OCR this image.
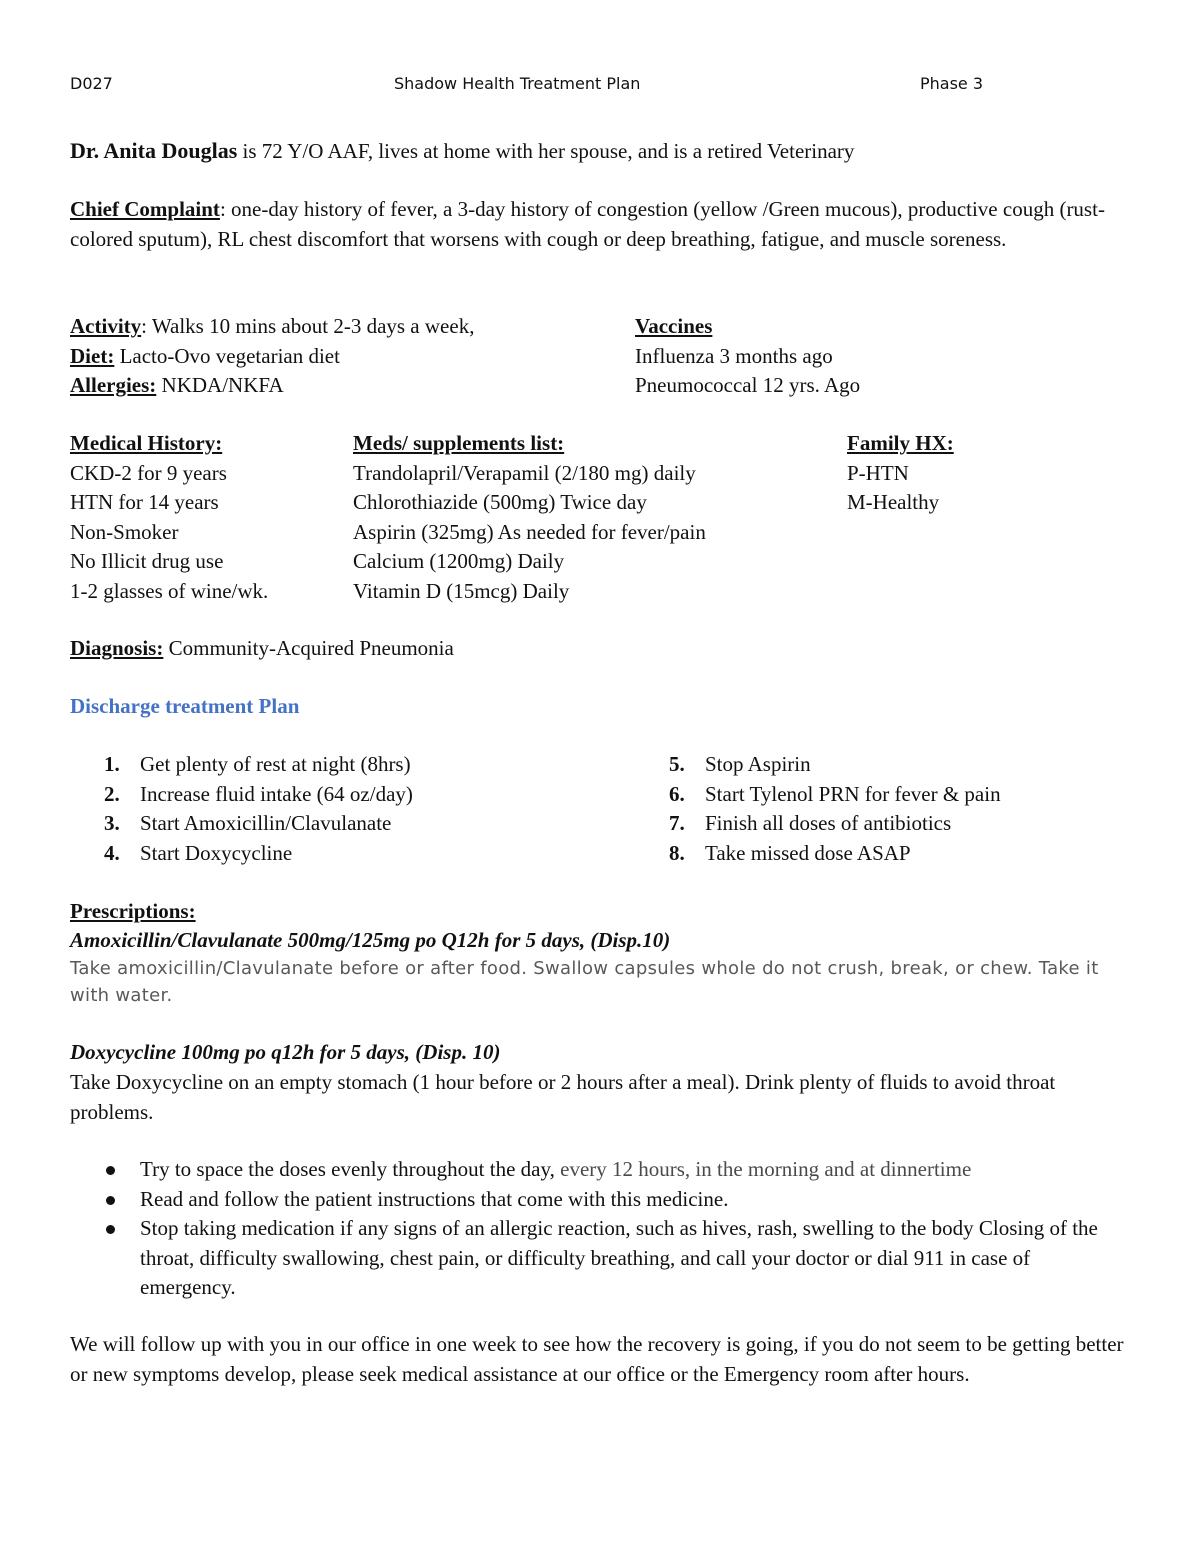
D027	Shadow Health Treatment Plan	Phase 3
Dr. Anita Douglas is 72 Y/O AAF, lives at home with her spouse, and is a retired Veterinary
Chief Complaint: one-day history of fever, a 3-day history of congestion (yellow /Green mucous), productive cough (rust-colored sputum), RL chest discomfort that worsens with cough or deep breathing, fatigue, and muscle soreness.
Activity: Walks 10 mins about 2-3 days a week,
Diet: Lacto-Ovo vegetarian diet
Allergies: NKDA/NKFA
Vaccines
Influenza 3 months ago
Pneumococcal 12 yrs. Ago
Medical History:
CKD-2 for 9 years
HTN for 14 years
Non-Smoker
No Illicit drug use
1-2 glasses of wine/wk.
Meds/ supplements list:
Trandolapril/Verapamil (2/180 mg) daily
Chlorothiazide (500mg) Twice day
Aspirin (325mg) As needed for fever/pain
Calcium (1200mg) Daily
Vitamin D (15mcg) Daily
Family HX:
P-HTN
M-Healthy
Diagnosis: Community-Acquired Pneumonia
Discharge treatment Plan
1. Get plenty of rest at night (8hrs)
2. Increase fluid intake (64 oz/day)
3. Start Amoxicillin/Clavulanate
4. Start Doxycycline
5. Stop Aspirin
6. Start Tylenol PRN for fever & pain
7. Finish all doses of antibiotics
8. Take missed dose ASAP
Prescriptions:
Amoxicillin/Clavulanate 500mg/125mg po Q12h for 5 days, (Disp.10)
Take amoxicillin/Clavulanate before or after food. Swallow capsules whole do not crush, break, or chew. Take it with water.
Doxycycline 100mg po q12h for 5 days, (Disp. 10)
Take Doxycycline on an empty stomach (1 hour before or 2 hours after a meal). Drink plenty of fluids to avoid throat problems.
Try to space the doses evenly throughout the day, every 12 hours, in the morning and at dinnertime
Read and follow the patient instructions that come with this medicine.
Stop taking medication if any signs of an allergic reaction, such as hives, rash, swelling to the body Closing of the throat, difficulty swallowing, chest pain, or difficulty breathing, and call your doctor or dial 911 in case of emergency.
We will follow up with you in our office in one week to see how the recovery is going, if you do not seem to be getting better or new symptoms develop, please seek medical assistance at our office or the Emergency room after hours.
